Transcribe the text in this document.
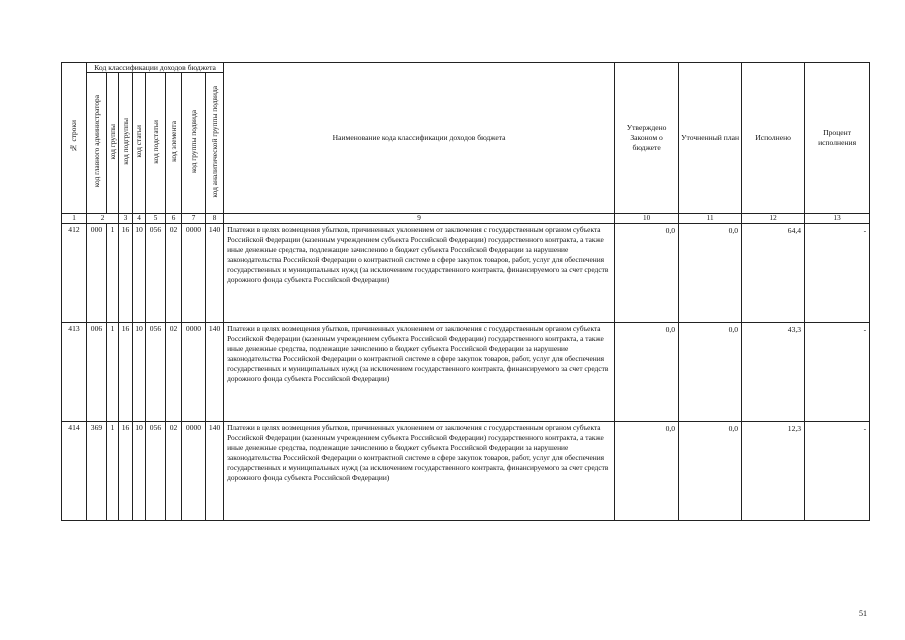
№ строки	Код классификации доходов бюджета								Наименование кода классификации доходов бюджета	Утверждено Законом о бюджете	Уточненный план	Исполнено	Процент исполнения
	код главного администратора	код группы	код подгруппы	код статьи	код подстатьи	код элемента	код группы подвида	код аналитической группы подвида					
1	2		3	4	5	6	7	8	9	10	11	12	13
412	000	1	16	10	056	02	0000	140	Платежи в целях возмещения убытков, причиненных уклонением от заключения с государственным органом субъекта Российской Федерации (казенным учреждением субъекта Российской Федерации) государственного контракта, а также иные денежные средства, подлежащие зачислению в бюджет субъекта Российской Федерации за нарушение законодательства Российской Федерации о контрактной системе в сфере закупок товаров, работ, услуг для обеспечения государственных и муниципальных нужд (за исключением государственного контракта, финансируемого за счет средств дорожного фонда субъекта Российской Федерации)	0,0	0,0	64,4	-
413	006	1	16	10	056	02	0000	140	Платежи в целях возмещения убытков, причиненных уклонением от заключения с государственным органом субъекта Российской Федерации (казенным учреждением субъекта Российской Федерации) государственного контракта, а также иные денежные средства, подлежащие зачислению в бюджет субъекта Российской Федерации за нарушение законодательства Российской Федерации о контрактной системе в сфере закупок товаров, работ, услуг для обеспечения государственных и муниципальных нужд (за исключением государственного контракта, финансируемого за счет средств дорожного фонда субъекта Российской Федерации)	0,0	0,0	43,3	-
414	369	1	16	10	056	02	0000	140	Платежи в целях возмещения убытков, причиненных уклонением от заключения с государственным органом субъекта Российской Федерации (казенным учреждением субъекта Российской Федерации) государственного контракта, а также иные денежные средства, подлежащие зачислению в бюджет субъекта Российской Федерации за нарушение законодательства Российской Федерации о контрактной системе в сфере закупок товаров, работ, услуг для обеспечения государственных и муниципальных нужд (за исключением государственного контракта, финансируемого за счет средств дорожного фонда субъекта Российской Федерации)	0,0	0,0	12,3	-
51
